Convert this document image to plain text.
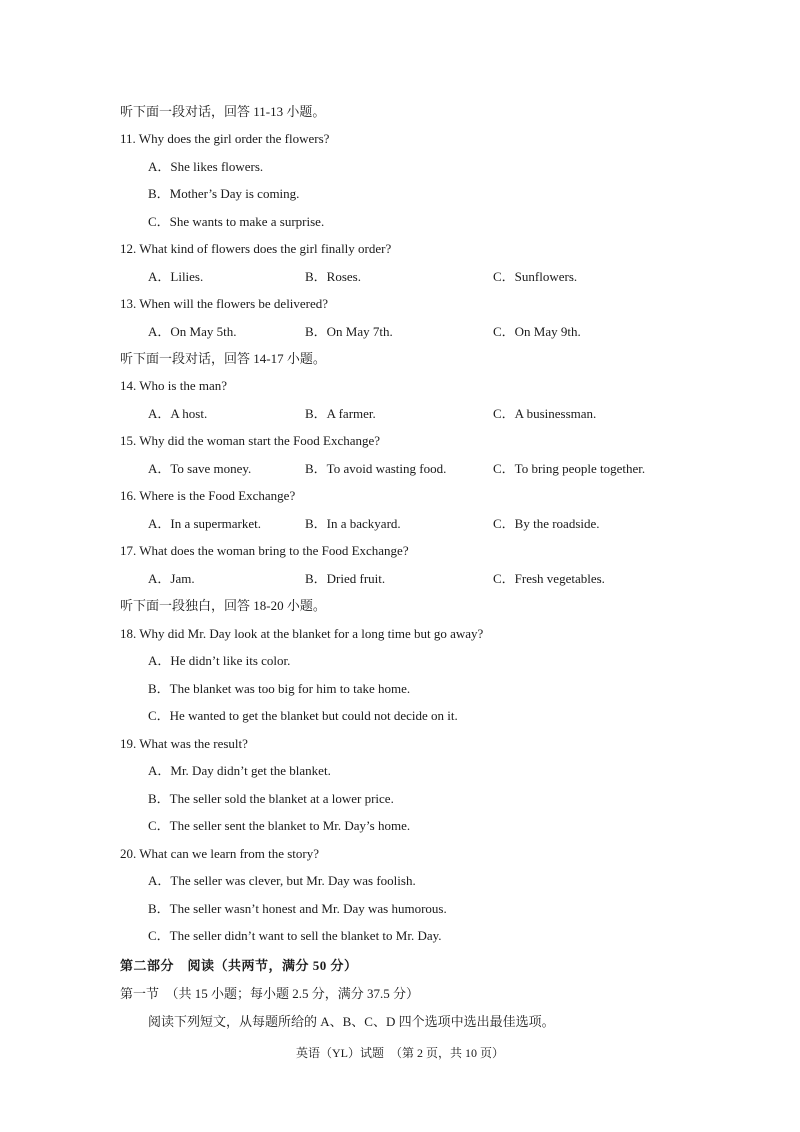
听下面一段对话，回答 11-13 小题。
11. Why does the girl order the flowers?
A．She likes flowers.
B．Mother’s Day is coming.
C．She wants to make a surprise.
12. What kind of flowers does the girl finally order?
A．Lilies.	B．Roses.	C．Sunflowers.
13. When will the flowers be delivered?
A．On May 5th.	B．On May 7th.	C．On May 9th.
听下面一段对话，回答 14-17 小题。
14. Who is the man?
A．A host.	B．A farmer.	C．A businessman.
15. Why did the woman start the Food Exchange?
A．To save money.	B．To avoid wasting food.	C．To bring people together.
16. Where is the Food Exchange?
A．In a supermarket.	B．In a backyard.	C．By the roadside.
17. What does the woman bring to the Food Exchange?
A．Jam.	B．Dried fruit.	C．Fresh vegetables.
听下面一段独白，回答 18-20 小题。
18. Why did Mr. Day look at the blanket for a long time but go away?
A．He didn’t like its color.
B．The blanket was too big for him to take home.
C．He wanted to get the blanket but could not decide on it.
19. What was the result?
A．Mr. Day didn’t get the blanket.
B．The seller sold the blanket at a lower price.
C．The seller sent the blanket to Mr. Day’s home.
20. What can we learn from the story?
A．The seller was clever, but Mr. Day was foolish.
B．The seller wasn’t honest and Mr. Day was humorous.
C．The seller didn’t want to sell the blanket to Mr. Day.
第二部分　阅读（共两节，满分 50 分）
第一节　（共 15 小题；每小题 2.5 分，满分 37.5 分）
阅读下列短文，从每题所给的 A、B、C、D 四个选项中选出最佳选项。
英语（YL）试题　（第 2 页，共 10 页）
